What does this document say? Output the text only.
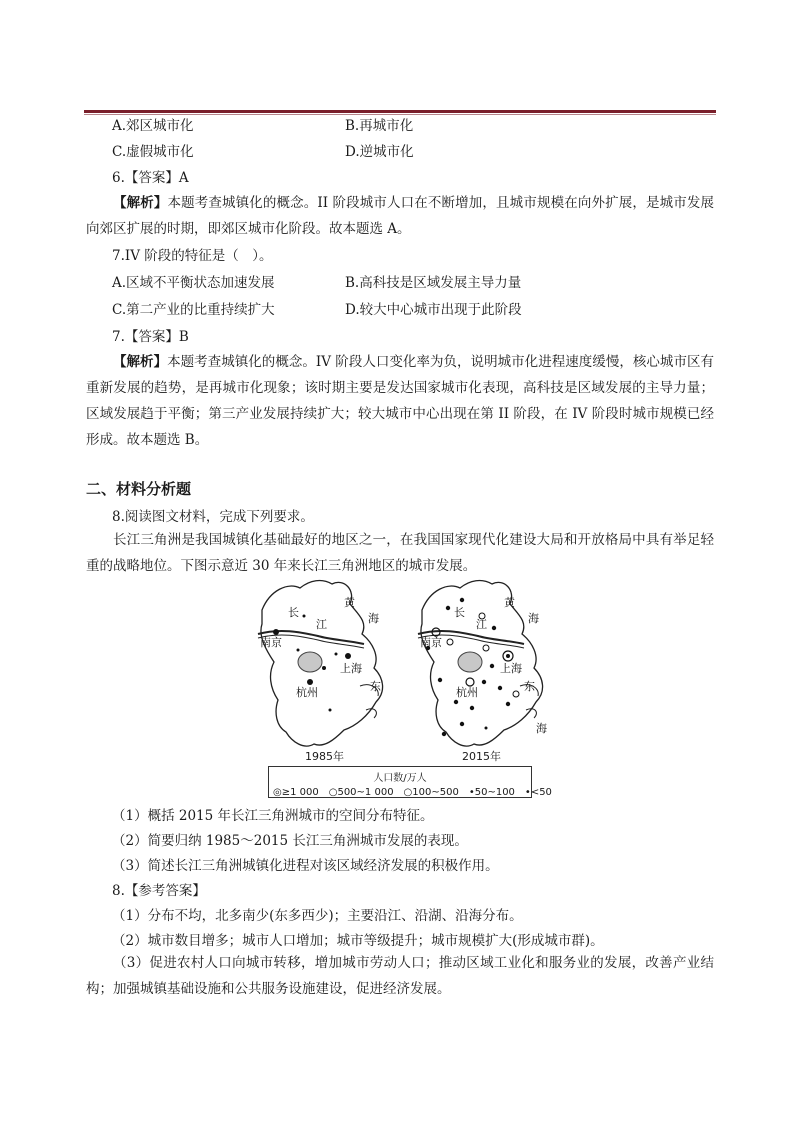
A.郊区城市化	B.再城市化
C.虚假城市化	D.逆城市化
6.【答案】A
【解析】本题考查城镇化的概念。II 阶段城市人口在不断增加，且城市规模在向外扩展，是城市发展向郊区扩展的时期，即郊区城市化阶段。故本题选 A。
7.IV 阶段的特征是（　）。
A.区域不平衡状态加速发展	B.高科技是区域发展主导力量
C.第二产业的比重持续扩大	D.较大中心城市出现于此阶段
7.【答案】B
【解析】本题考查城镇化的概念。IV 阶段人口变化率为负，说明城市化进程速度缓慢，核心城市区有重新发展的趋势，是再城市化现象；该时期主要是发达国家城市化表现，高科技是区域发展的主导力量；区域发展趋于平衡；第三产业发展持续扩大；较大城市中心出现在第 II 阶段，在 IV 阶段时城市规模已经形成。故本题选 B。
二、材料分析题
8.阅读图文材料，完成下列要求。
长江三角洲是我国城镇化基础最好的地区之一，在我国国家现代化建设大局和开放格局中具有举足轻重的战略地位。下图示意近 30 年来长江三角洲地区的城市发展。
黄
海
长
江
南京
上海
杭州	东
黄
海
长
江
南京
上海
杭州	东
海
1985年	2015年
人口数/万人
◎≥1 000　○500~1 000　○100~500　•50~100　•<50
（1）概括 2015 年长江三角洲城市的空间分布特征。
（2）简要归纳 1985～2015 长江三角洲城市发展的表现。
（3）简述长江三角洲城镇化进程对该区域经济发展的积极作用。
8.【参考答案】
（1）分布不均，北多南少(东多西少)；主要沿江、沿湖、沿海分布。
（2）城市数目增多；城市人口增加；城市等级提升；城市规模扩大(形成城市群)。
（3）促进农村人口向城市转移，增加城市劳动人口；推动区域工业化和服务业的发展，改善产业结构；加强城镇基础设施和公共服务设施建设，促进经济发展。
